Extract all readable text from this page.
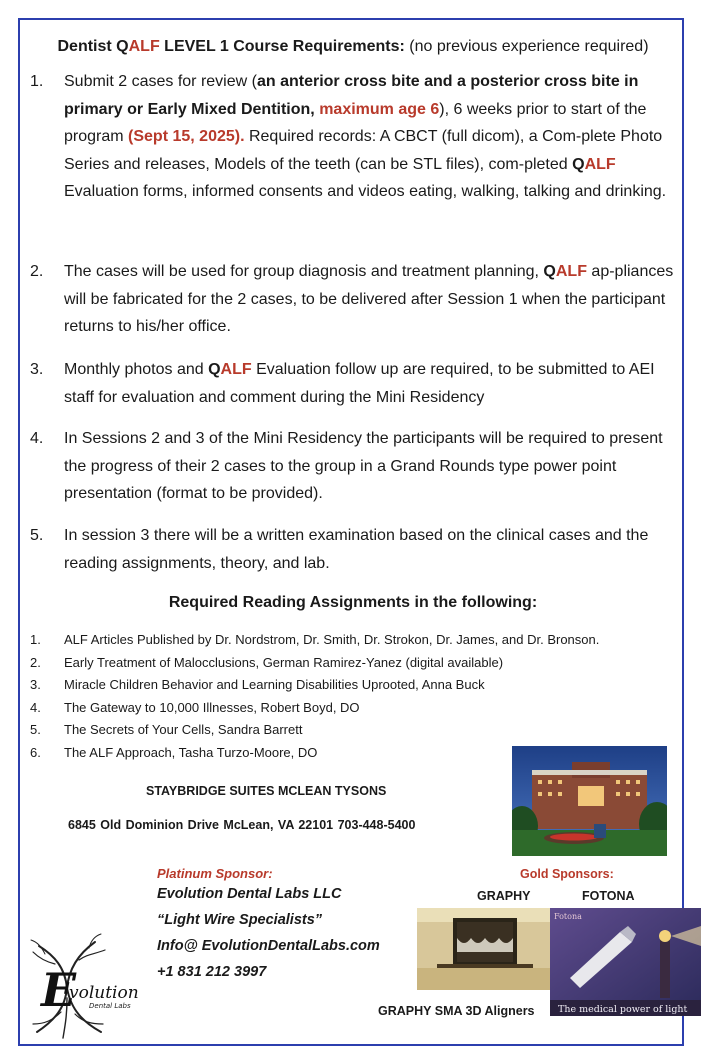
Dentist QALF LEVEL 1 Course Requirements: (no previous experience required)
1. Submit 2 cases for review (an anterior cross bite and a posterior cross bite in primary or Early Mixed Dentition, maximum age 6), 6 weeks prior to start of the program (Sept 15, 2025). Required records: A CBCT (full dicom), a Com-plete Photo Series and releases, Models of the teeth (can be STL files), com-pleted QALF Evaluation forms, informed consents and videos eating, walking, talking and drinking.
2. The cases will be used for group diagnosis and treatment planning, QALF ap-pliances will be fabricated for the 2 cases, to be delivered after Session 1 when the participant returns to his/her office.
3. Monthly photos and QALF Evaluation follow up are required, to be submitted to AEI staff for evaluation and comment during the Mini Residency
4. In Sessions 2 and 3 of the Mini Residency the participants will be required to present the progress of their 2 cases to the group in a Grand Rounds type power point presentation (format to be provided).
5. In session 3 there will be a written examination based on the clinical cases and the reading assignments, theory, and lab.
Required Reading Assignments in the following:
1. ALF Articles Published by Dr. Nordstrom, Dr. Smith, Dr. Strokon, Dr. James, and Dr. Bronson.
2. Early Treatment of Malocclusions, German Ramirez-Yanez (digital available)
3. Miracle Children Behavior and Learning Disabilities Uprooted, Anna Buck
4. The Gateway to 10,000 Illnesses, Robert Boyd, DO
5. The Secrets of Your Cells, Sandra Barrett
6. The ALF Approach, Tasha Turzo-Moore, DO
STAYBRIDGE SUITES MCLEAN TYSONS
6845 Old Dominion Drive McLean, VA 22101 703-448-5400
Gold Sponsors:
GRAPHY	FOTONA
Fotona
The medical power of light
GRAPHY SMA 3D Aligners
Platinum Sponsor:
Evolution Dental Labs LLC
“Light Wire Specialists”
Info@ EvolutionDentalLabs.com
+1 831 212 3997
E
volution
Dental Labs
